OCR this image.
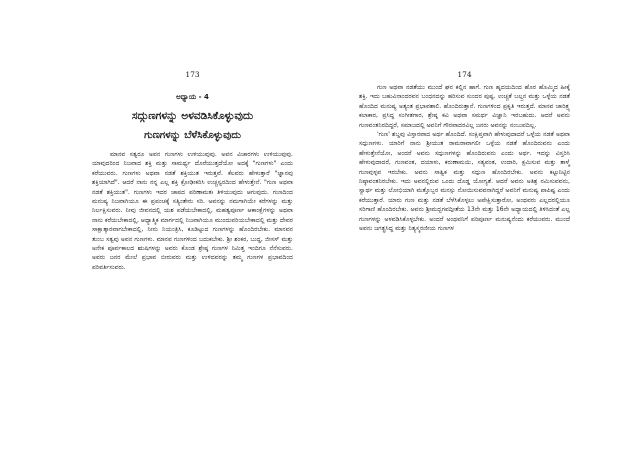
173
ಅಧ್ಯಾಯ - 4
ಸದ್ಗುಣಗಳನ್ನು ಅಳವಡಿಸಿಕೊಳ್ಳುವುದು
ಗುಣಗಳನ್ನು ಬೆಳೆಸಿಕೊಳ್ಳುವುದು

ಮಾನವ ಸತ್ವರೂ ಅವನ ಗುಣಗಳು ಉಳಿಯುವುವು. ಅವನ ವಿಚಾರಗಳು ಉಳಿಯುವುವು. ಯಾವುದರಿಂದ ನಿಜವಾದ ಶಕ್ತಿ ಮತ್ತು ಸಾಮರ್ಥ್ಯ ದೊರೆಯುತ್ತದೆಯೋ ಅದಕ್ಕೆ "ಗುಣಗಳು" ಎಂದು ಕರೆಯುವರು. ಗುಣಗಳು ಅಥವಾ ನಡತೆ ಶಕ್ತಿಯುತ ಇರುತ್ತವೆ. ಕೆಲವರು ಹೇಳುತ್ತಾರೆ "ಜ್ಞಾನವು ಶಕ್ತಿಯಾಗಿದೆ". ಆದರೆ ನಾನು ನನ್ನ ಎಲ್ಲ ಶಕ್ತಿ ಕ್ರೋಢೀಕರಿಸಿ ಉಚ್ಚಸ್ವರದಿಂದ ಹೇಳುತ್ತೇನೆ. "ಗುಣ ಅಥವಾ ನಡತೆ ಶಕ್ತಿಯುತ". ಗುಣಗಳು ಇದರ ಚಾಪದ ಪರಿಣಾಮತಃ ತಿಳಿಯುವುದು ಆಗುವುದು. ಗುಣದಿಂದ ಮನುಷ್ಯ ನಿಜವಾಗಿಯೂ ಈ ಪ್ರಪಂಚಕ್ಕೆ ಸತ್ಯಿಂತೇರು ಸರಿ. ಅವನನ್ನು ನಮಗಾಗಿಯೇ ಕರೆಗಳನ್ನು ಮತ್ತು ನಿರ್ಲಕ್ಷಿಸುವರು. ನೀವು ಜೀವನದಲ್ಲಿ ಯಶ ಪಡೆಯಬೇಕಾದಲ್ಲಿ, ಮಹತ್ವಪೂರ್ಣ ಆಕಾಂಕ್ಷೆಗಳನ್ನು ಅಥವಾ ನಾನು ಕರೆಯಬೇಕಾದಲ್ಲಿ, ಆಧ್ಯಾತ್ಮಿಕ ಮಾರ್ಗದಲ್ಲಿ ನಿಜವಾಗಿಯೂ ಮುಂದುವರಿಯಬೇಕಾದಲ್ಲಿ ಮತ್ತು ದೇವರ ಸಾಕ್ಷಾತ್ಕಾರವಾಗಬೇಕಾದಲ್ಲಿ, ನೀನು ನಿಯಂತ್ರಿಸಿ, ಕೂಡಿಟ್ಟುದ ಗುಣಗಳನ್ನು ಹೊಂದಿರಬೇಕು. ಮಾನವನ ತುಂಬ ಸತ್ವವು ಅವನ ಗುಣಗಳು. ಮಾನವ ಗುಣಗಳಿಂದ ಬದುಕಬೇಕು. ಶ್ರೀ ಶಂಕರ, ಬುದ್ಧ, ಜೀಸಸ್ ಮತ್ತು ಅನೇಕ ಪೂರ್ವಕಾಲದ ಋಷಿಗಳನ್ನು ಅವರು ಕೊಂಡ ಶ್ರೇಷ್ಠ ಗುಣಗಳ ನಿಮಿತ್ತ ಇಂದಿಗೂ ನೆನೆಸುವರು. ಅವರು ಜನರ ಮೇಲೆ ಪ್ರಭಾವ ಬೀರುವರು ಮತ್ತು ಉಳಿದವರನ್ನು ತಮ್ಮ ಗುಣಗಳ ಪ್ರಭಾವದಿಂದ ಪರಿವರ್ತಿಸುವರು.

174

ಗುಣ ಅಥವಾ ನಡತೆಯು ಮುಂದೆ ಘನ ಕಲ್ಲಿನ ಹಾಗೆ. ಗುಣ ಹೃದಯದಿಂದ ಹೊರ ಹೊಮ್ಮಿದ ಹೀಕ್ಕೆ ಶಕ್ತಿ. ಇದು ಬಹುವಿನಾಂದರವನ ಬಂಧನದನ್ನು ಹರಿಸುವ ಸುಂದರ ಪುಷ್ಪ. ಉಚ್ಚತೆ ಬಲ್ಗ್ರನ ಮತ್ತು ಒಳ್ಳೆಯ ನಡತೆ ಹೊಂದಿದ ಮನುಷ್ಯ ಅತ್ಯಂತ ಪ್ರಭಾವಶಾಲಿ. ಹೊಂದಿರುತ್ತಾನೆ. ಗುಣಗಳಿಂದ ಪ್ರಕೃತಿ ಇರುತ್ತದೆ. ಮಾನವ ಚಾರಿತ್ರ್ಯ ಕಲಾಕಾರ, ಪ್ರಸಿದ್ಧ ಸಂಗೀತಗಾರ, ಶ್ರೇಷ್ಠ ಕವಿ ಅಥವಾ ಸಮರ್ಥ ವಿಜ್ಞಾನಿ ಇರಬಹುದು. ಆದರೆ ಅವನು ಗುಣವಂತನಿರದಿದ್ದರೆ, ಸಮಾಜದಲ್ಲಿ ಅವನಿಗೆ ಗೌರವಾದರವಿಲ್ಲ ಜನರು ಅವನನ್ನು ನಂಬುವದಿಲ್ಲ.

'ಗುಣ' ಶಬ್ದವು ವಿಸ್ತಾರವಾದ ಅರ್ಥ ಹೊಂದಿದೆ. ಸಂಕ್ಷಿಪ್ತವಾಗಿ ಹೇಳುವುದಾದರೆ ಒಳ್ಳೆಯ ನಡತೆ ಅಥವಾ ಸದ್ಗುಣಗಳು. ಯಾರಿಗೆ ನಾನು ಶ್ರೀಯುತ ರಾಮರಾವಾಗಲೀ ಒಳ್ಳೆಯ ನಡತೆ ಹೊಂದಿರುವನು ಎಂದು ಹೇಳುತ್ತೇನೆಯೋ, ಅಂದರೆ ಅವನು ಸದ್ಗುಣಗಳನ್ನು ಹೊಂದಿರುವನು ಎಂದು ಅರ್ಥ. ಇದನ್ನು ವಿಸ್ತರಿಸಿ ಹೇಳುವುದಾದರೆ, ಗುಣವಂತ, ದಯಾಳು, ಕರುಣಾಮಯಿ, ಸತ್ಯವಂತ, ಉದಾರಿ, ಕ್ಷಮಿಸುವ ಮತ್ತು ತಾಳ್ಮೆ ಗುಣವುಳ್ಳವ ಇರಬೇಕು. ಅವನು ಸಾತ್ವಿಕ ಮತ್ತು ಸದ್ಗುಣ ಹೊಂದಿರಬೇಕು. ಅವನು ಕಟ್ಟುನಿಟ್ಟಿನ ನಿಷ್ಠಾವಂತನಿರಬೇಕು. ಇದು ಅವನಲ್ಲಿರುವ ಒಂದು ದೊಡ್ಡ ಯೋಗ್ಯತೆ. ಆದರೆ ಅವನು ಅತಿಶ್ರ ನಮಿಸುವವನು, ಸ್ವಾರ್ಥ ಮತ್ತು ಲೋಭಿಯಾಗಿ ಮತ್ತೊಬ್ಬರ ಮನಸ್ಸು ನೋಯಿಸುವವನಾಗಿದ್ದರೆ ಅವನಿಗೆ ಮನುಷ್ಯ ಪಾಪಿಷ್ಟ ಎಂದು ಕರೆಯುತ್ತಾರೆ. ಯಾರು ಗುಣ ಮತ್ತು ನಡತೆ ಬೆಳೆಸಿಕೊಳ್ಳಲು ಅಪೇಕ್ಷಿಸುತ್ತಾರೋ, ಅಂಥವರು ಎಲ್ಲದರಲ್ಲಿಯೂ ಸರಿಗಾಣಿ ಹೊಂದಿರಬೇಕು. ಅವನು ಶ್ರೀಮದ್ಭಗವದ್ಗೀತೆಯ 13ನೇ ಮತ್ತು 16ನೇ ಅಧ್ಯಾಯದಲ್ಲಿ ತಿಳಿಸಿದಂತೆ ಎಲ್ಲ ಗುಣಗಳನ್ನು ಅಳವಡಿಸಿಕೊಳ್ಳಬೇಕು. ಅಂದರೆ ಅಂಥವನಿಗೆ ಪರಿಪೂರ್ಣ ಮನುಷ್ಯನೆಂದು ಕರೆಯುವರು. ಮುಂದೆ ಅವನು ಜಗತ್ಪ್ರಸಿದ್ಧ ಮತ್ತು ನಿತ್ಯಸ್ಮರಣೀಯ ಗುಣಗಳ
